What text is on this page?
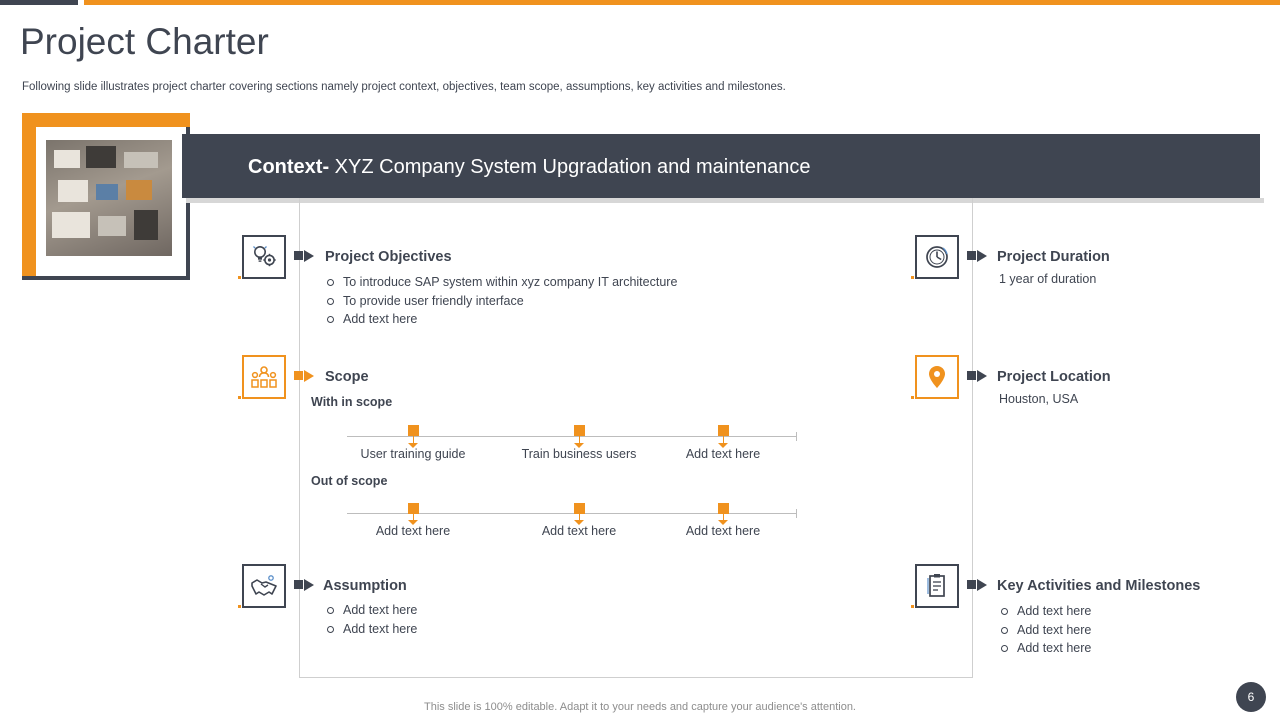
Project Charter
Following slide illustrates project charter covering sections namely project context, objectives, team scope, assumptions, key activities and milestones.
Context- XYZ Company System Upgradation and maintenance
Project Objectives
To introduce SAP system within xyz company IT architecture
To provide user friendly interface
Add text here
Scope
With in scope
User training guide	Train business users	Add text here
Out of scope
Add text here	Add text here	Add text here
Assumption
Add text here
Add text here
Project Duration
1 year of duration
Project Location
Houston, USA
Key Activities and Milestones
Add text here
Add text here
Add text here
This slide is 100% editable. Adapt it to your needs and capture your audience's attention.
6
